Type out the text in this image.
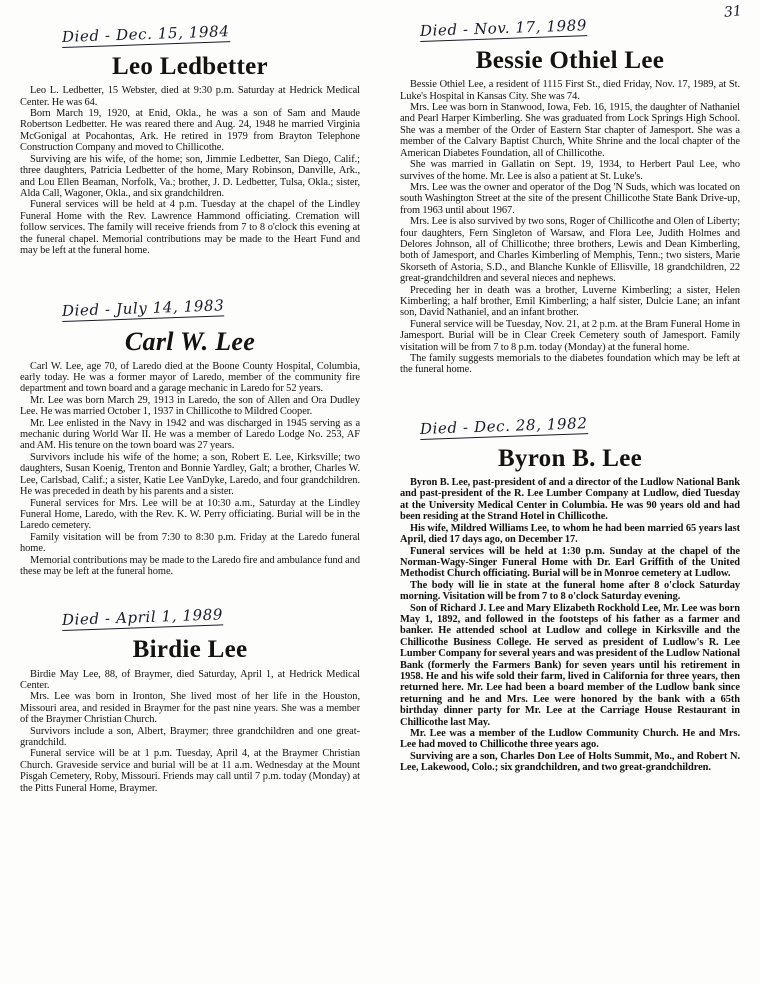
31
Died - Dec. 15, 1984
Leo Ledbetter

Leo L. Ledbetter, 15 Webster, died at 9:30 p.m. Saturday at Hedrick Medical Center. He was 64.

Born March 19, 1920, at Enid, Okla., he was a son of Sam and Maude Robertson Ledbetter. He was reared there and Aug. 24, 1948 he married Virginia McGonigal at Pocahontas, Ark. He retired in 1979 from Brayton Telephone Construction Company and moved to Chillicothe.

Surviving are his wife, of the home; son, Jimmie Ledbetter, San Diego, Calif.; three daughters, Patricia Ledbetter of the home, Mary Robinson, Danville, Ark., and Lou Ellen Beaman, Norfolk, Va.; brother, J. D. Ledbetter, Tulsa, Okla.; sister, Alda Call, Wagoner, Okla., and six grandchildren.

Funeral services will be held at 4 p.m. Tuesday at the chapel of the Lindley Funeral Home with the Rev. Lawrence Hammond officiating. Cremation will follow services. The family will receive friends from 7 to 8 o'clock this evening at the funeral chapel. Memorial contributions may be made to the Heart Fund and may be left at the funeral home.

Died - July 14, 1983
Carl W. Lee

Carl W. Lee, age 70, of Laredo died at the Boone County Hospital, Columbia, early today. He was a former mayor of Laredo, member of the community fire department and town board and a garage mechanic in Laredo for 52 years.

Mr. Lee was born March 29, 1913 in Laredo, the son of Allen and Ora Dudley Lee. He was married October 1, 1937 in Chillicothe to Mildred Cooper.

Mr. Lee enlisted in the Navy in 1942 and was discharged in 1945 serving as a mechanic during World War II. He was a member of Laredo Lodge No. 253, AF and AM. His tenure on the town board was 27 years.

Survivors include his wife of the home; a son, Robert E. Lee, Kirksville; two daughters, Susan Koenig, Trenton and Bonnie Yardley, Galt; a brother, Charles W. Lee, Carlsbad, Calif.; a sister, Katie Lee VanDyke, Laredo, and four grandchildren. He was preceded in death by his parents and a sister.

Funeral services for Mrs. Lee will be at 10:30 a.m., Saturday at the Lindley Funeral Home, Laredo, with the Rev. K. W. Perry officiating. Burial will be in the Laredo cemetery.

Family visitation will be from 7:30 to 8:30 p.m. Friday at the Laredo funeral home.

Memorial contributions may be made to the Laredo fire and ambulance fund and these may be left at the funeral home.

Died - April 1, 1989
Birdie Lee

Birdie May Lee, 88, of Braymer, died Saturday, April 1, at Hedrick Medical Center.

Mrs. Lee was born in Ironton, She lived most of her life in the Houston, Missouri area, and resided in Braymer for the past nine years. She was a member of the Braymer Christian Church.

Survivors include a son, Albert, Braymer; three grandchildren and one great-grandchild.

Funeral service will be at 1 p.m. Tuesday, April 4, at the Braymer Christian Church. Graveside service and burial will be at 11 a.m. Wednesday at the Mount Pisgah Cemetery, Roby, Missouri. Friends may call until 7 p.m. today (Monday) at the Pitts Funeral Home, Braymer.

Died - Nov. 17, 1989
Bessie Othiel Lee

Bessie Othiel Lee, a resident of 1115 First St., died Friday, Nov. 17, 1989, at St. Luke's Hospital in Kansas City. She was 74.

Mrs. Lee was born in Stanwood, Iowa, Feb. 16, 1915, the daughter of Nathaniel and Pearl Harper Kimberling. She was graduated from Lock Springs High School. She was a member of the Order of Eastern Star chapter of Jamesport. She was a member of the Calvary Baptist Church, White Shrine and the local chapter of the American Diabetes Foundation, all of Chillicothe.

She was married in Gallatin on Sept. 19, 1934, to Herbert Paul Lee, who survives of the home. Mr. Lee is also a patient at St. Luke's.

Mrs. Lee was the owner and operator of the Dog 'N Suds, which was located on south Washington Street at the site of the present Chillicothe State Bank Drive-up, from 1963 until about 1967.

Mrs. Lee is also survived by two sons, Roger of Chillicothe and Olen of Liberty; four daughters, Fern Singleton of Warsaw, and Flora Lee, Judith Holmes and Delores Johnson, all of Chillicothe; three brothers, Lewis and Dean Kimberling, both of Jamesport, and Charles Kimberling of Memphis, Tenn.; two sisters, Marie Skorseth of Astoria, S.D., and Blanche Kunkle of Ellisville, 18 grandchildren, 22 great-grandchildren and several nieces and nephews.

Preceding her in death was a brother, Luverne Kimberling; a sister, Helen Kimberling; a half brother, Emil Kimberling; a half sister, Dulcie Lane; an infant son, David Nathaniel, and an infant brother.

Funeral service will be Tuesday, Nov. 21, at 2 p.m. at the Bram Funeral Home in Jamesport. Burial will be in Clear Creek Cemetery south of Jamesport. Family visitation will be from 7 to 8 p.m. today (Monday) at the funeral home.

The family suggests memorials to the diabetes foundation which may be left at the funeral home.

Died - Dec. 28, 1982
Byron B. Lee

Byron B. Lee, past-president of and a director of the Ludlow National Bank and past-president of the R. Lee Lumber Company at Ludlow, died Tuesday at the University Medical Center in Columbia. He was 90 years old and had been residing at the Strand Hotel in Chillicothe.

His wife, Mildred Williams Lee, to whom he had been married 65 years last April, died 17 days ago, on December 17.

Funeral services will be held at 1:30 p.m. Sunday at the chapel of the Norman-Wagy-Singer Funeral Home with Dr. Earl Griffith of the United Methodist Church officiating. Burial will be in Monroe cemetery at Ludlow.

The body will lie in state at the funeral home after 8 o'clock Saturday morning. Visitation will be from 7 to 8 o'clock Saturday evening.

Son of Richard J. Lee and Mary Elizabeth Rockhold Lee, Mr. Lee was born May 1, 1892, and followed in the footsteps of his father as a farmer and banker. He attended school at Ludlow and college in Kirksville and the Chillicothe Business College. He served as president of Ludlow's R. Lee Lumber Company for several years and was president of the Ludlow National Bank (formerly the Farmers Bank) for seven years until his retirement in 1958. He and his wife sold their farm, lived in California for three years, then returned here. Mr. Lee had been a board member of the Ludlow bank since returning and he and Mrs. Lee were honored by the bank with a 65th birthday dinner party for Mr. Lee at the Carriage House Restaurant in Chillicothe last May.

Mr. Lee was a member of the Ludlow Community Church. He and Mrs. Lee had moved to Chillicothe three years ago.

Surviving are a son, Charles Don Lee of Holts Summit, Mo., and Robert N. Lee, Lakewood, Colo.; six grandchildren, and two great-grandchildren.
